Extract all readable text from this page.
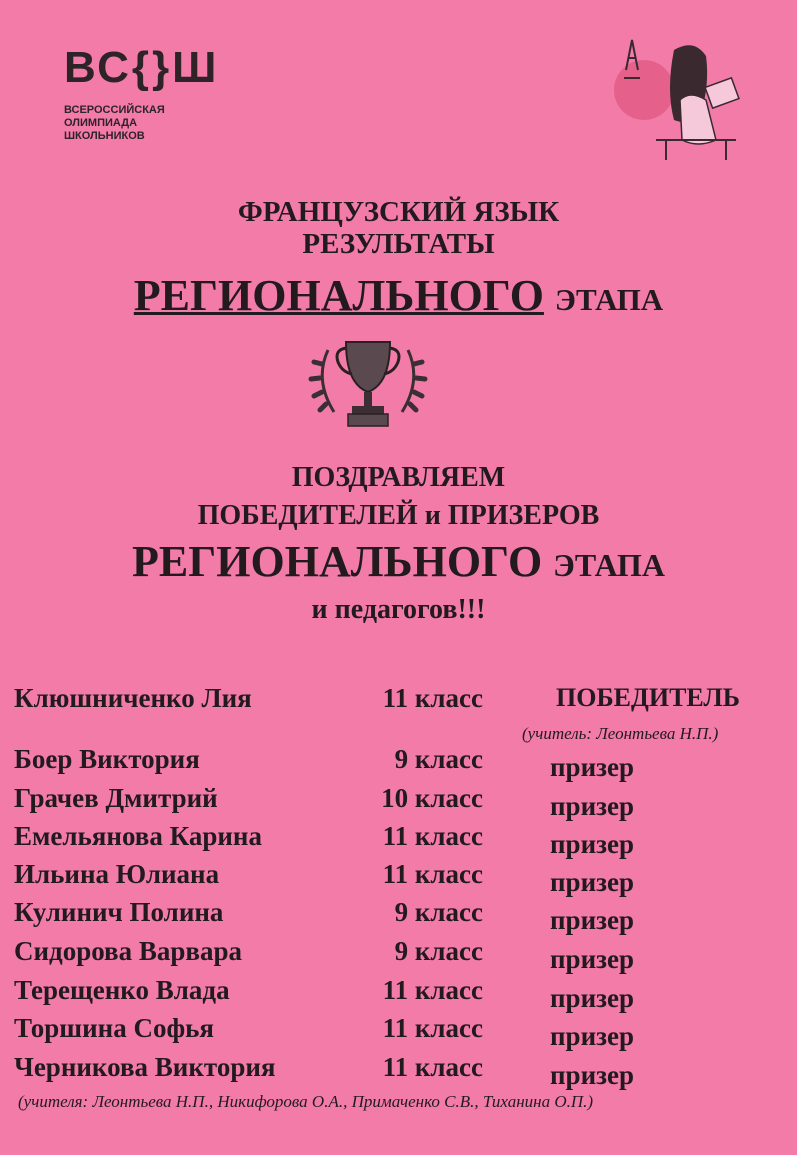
ВС{}Ш
ВСЕРОССИЙСКАЯ
ОЛИМПИАДА
ШКОЛЬНИКОВ
ФРАНЦУЗСКИЙ ЯЗЫК
РЕЗУЛЬТАТЫ
РЕГИОНАЛЬНОГО ЭТАПА
ПОЗДРАВЛЯЕМ
ПОБЕДИТЕЛЕЙ и ПРИЗЕРОВ
РЕГИОНАЛЬНОГО ЭТАПА
и педагогов!!!
Клюшниченко Лия	11 класс	ПОБЕДИТЕЛЬ
Боер Виктория	9 класс призер
Грачев Дмитрий	10 класс призер
Емельянова Карина	11 класс призер
Ильина Юлиана	11 класс призер
Кулинич Полина	9 класс призер
Сидорова Варвара	9 класс призер
Терещенко Влада	11 класс призер
Торшина Софья	11 класс призер
Черникова Виктория	11 класс призер
(учитель: Леонтьева Н.П.)
(учителя: Леонтьева Н.П., Никифорова О.А., Примаченко С.В., Тиханина О.П.)
